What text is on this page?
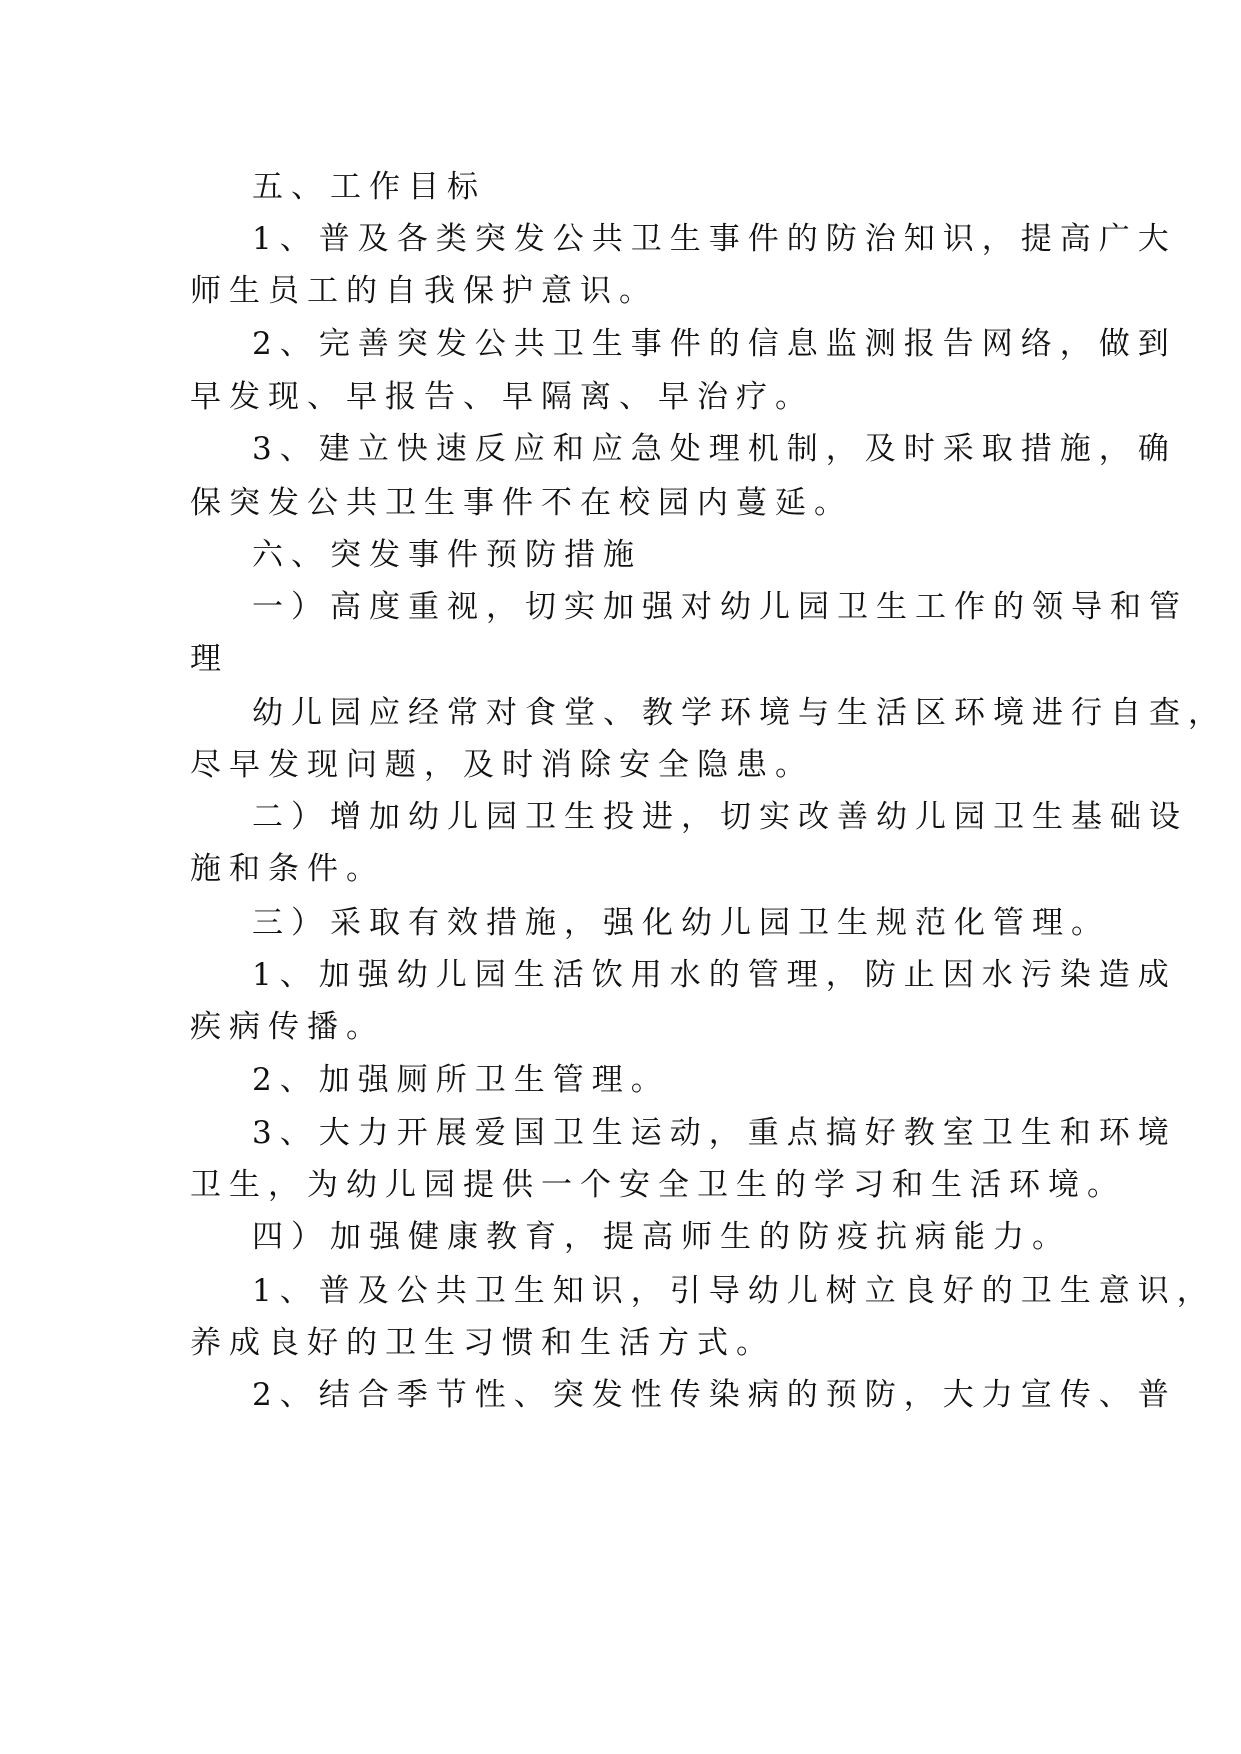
五、工作目标
1、普及各类突发公共卫生事件的防治知识，提高广大
师生员工的自我保护意识。
2、完善突发公共卫生事件的信息监测报告网络，做到
早发现、早报告、早隔离、早治疗。
3、建立快速反应和应急处理机制，及时采取措施，确
保突发公共卫生事件不在校园内蔓延。
六、突发事件预防措施
一）高度重视，切实加强对幼儿园卫生工作的领导和管
理
幼儿园应经常对食堂、教学环境与生活区环境进行自查，
尽早发现问题，及时消除安全隐患。
二）增加幼儿园卫生投进，切实改善幼儿园卫生基础设
施和条件。
三）采取有效措施，强化幼儿园卫生规范化管理。
1、加强幼儿园生活饮用水的管理，防止因水污染造成
疾病传播。
2、加强厕所卫生管理。
3、大力开展爱国卫生运动，重点搞好教室卫生和环境
卫生，为幼儿园提供一个安全卫生的学习和生活环境。
四）加强健康教育，提高师生的防疫抗病能力。
1、普及公共卫生知识，引导幼儿树立良好的卫生意识，
养成良好的卫生习惯和生活方式。
2、结合季节性、突发性传染病的预防，大力宣传、普
